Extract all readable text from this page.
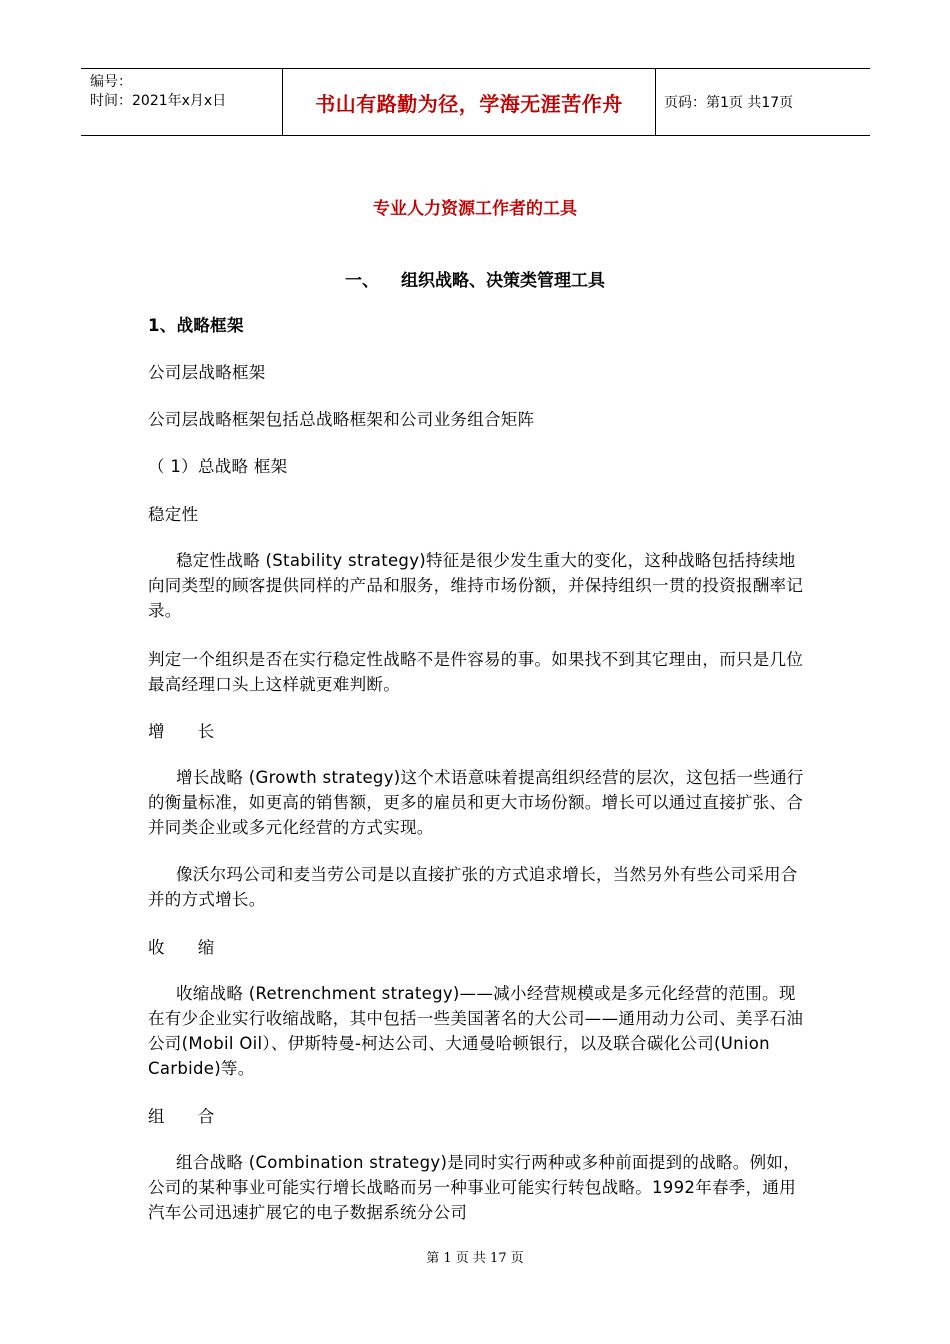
编号：
时间：2021年x月x日	书山有路勤为径，学海无涯苦作舟	页码：第1页 共17页
专业人力资源工作者的工具
一、 组织战略、决策类管理工具

1、战略框架

公司层战略框架

公司层战略框架包括总战略框架和公司业务组合矩阵

（ 1）总战略 框架

稳定性

稳定性战略 (Stability strategy)特征是很少发生重大的变化，这种战略包括持续地向同类型的顾客提供同样的产品和服务，维持市场份额，并保持组织一贯的投资报酬率记录。

判定一个组织是否在实行稳定性战略不是件容易的事。如果找不到其它理由，而只是几位最高经理口头上这样就更难判断。

增 长

增长战略 (Growth strategy)这个术语意味着提高组织经营的层次，这包括一些通行的衡量标准，如更高的销售额，更多的雇员和更大市场份额。增长可以通过直接扩张、合并同类企业或多元化经营的方式实现。

像沃尔玛公司和麦当劳公司是以直接扩张的方式追求增长，当然另外有些公司采用合并的方式增长。

收 缩

收缩战略 (Retrenchment strategy)——减小经营规模或是多元化经营的范围。现在有少企业实行收缩战略，其中包括一些美国著名的大公司——通用动力公司、美孚石油公司(Mobil Oil）、伊斯特曼-柯达公司、大通曼哈顿银行，以及联合碳化公司(Union Carbide)等。

组 合

组合战略 (Combination strategy)是同时实行两种或多种前面提到的战略。例如，公司的某种事业可能实行增长战略而另一种事业可能实行转包战略。1992年春季，通用汽车公司迅速扩展它的电子数据系统分公司

第 1 页 共 17 页
